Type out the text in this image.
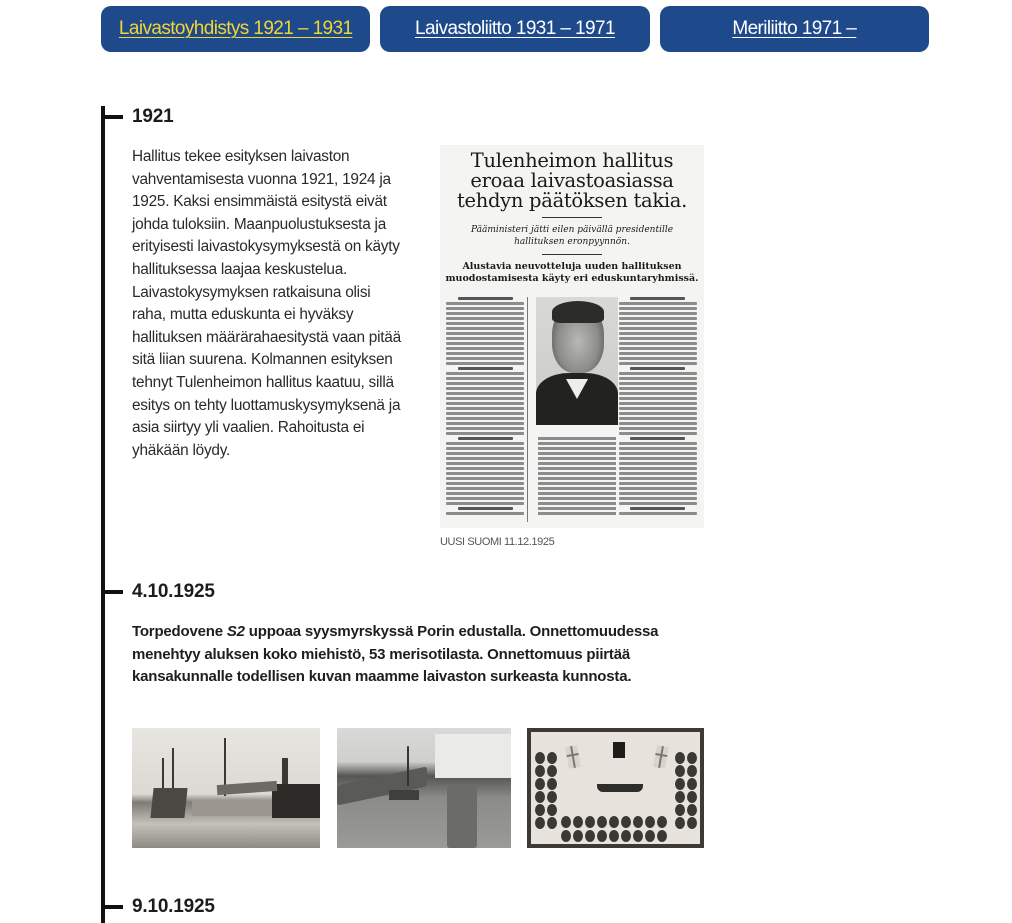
Laivastoyhdistys 1921 – 1931	Laivastoliitto 1931 – 1971	Meriliitto 1971 –
1921

Hallitus tekee esityksen laivaston vahventamisesta vuonna 1921, 1924 ja 1925. Kaksi ensimmäistä esitystä eivät johda tuloksiin. Maanpuolustuksesta ja erityisesti laivastokysymyksestä on käyty hallituksessa laajaa keskustelua. Laivastokysymyksen ratkaisuna olisi raha, mutta eduskunta ei hyväksy hallituksen määrärahaesitystä vaan pitää sitä liian suurena. Kolmannen esityksen tehnyt Tulenheimon hallitus kaatuu, sillä esitys on tehty luottamuskysymyksenä ja asia siirtyy yli vaalien. Rahoitusta ei yhäkään löydy.

Tulenheimon hallitus
eroaa laivastoasiassa
tehdyn päätöksen takia.
Pääministeri jätti eilen päivällä presidentille
hallituksen eronpyynnön.
Alustavia neuvotteluja uuden hallituksen muodostamisesta käyty eri eduskuntaryhmissä.
UUSI SUOMI 11.12.1925
4.10.1925

Torpedovene S2 uppoaa syysmyrskyssä Porin edustalla. Onnettomuudessa menehtyy aluksen koko miehistö, 53 merisotilasta. Onnettomuus piirtää kansakunnalle todellisen kuvan maamme laivaston surkeasta kunnosta.

9.10.1925
